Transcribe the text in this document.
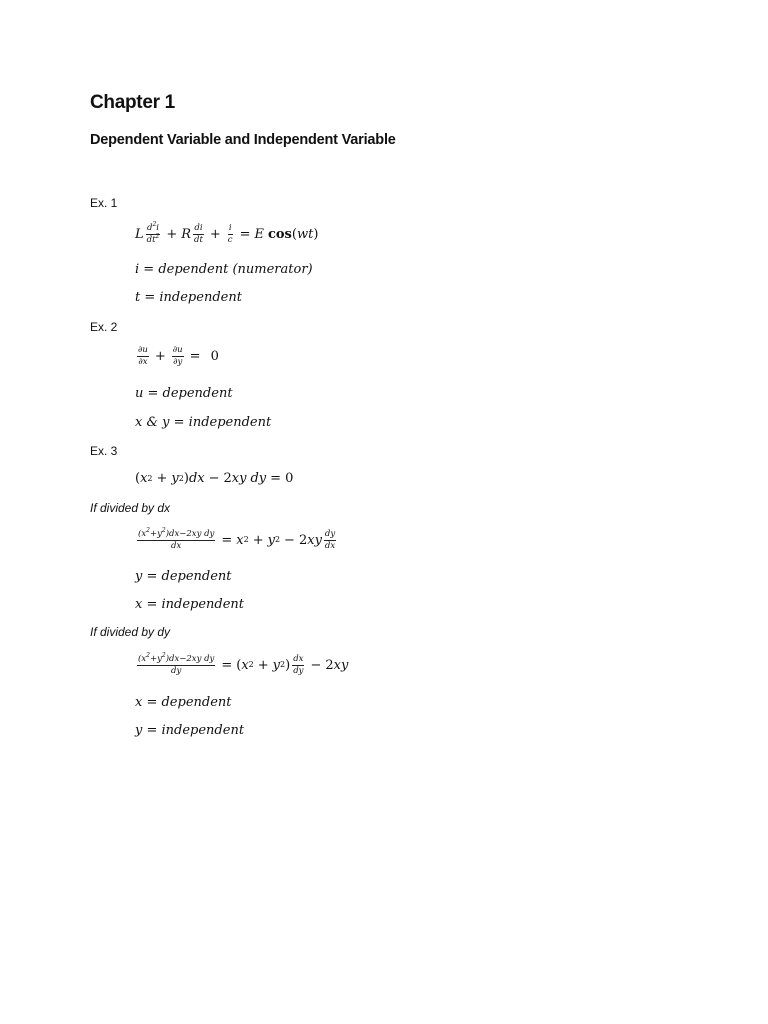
Chapter 1
Dependent Variable and Independent Variable
Ex. 1
L $\frac{d^2i}{dt^2} + R \frac{di}{dt} + \frac{i}{c} = E$ cos ( wt )
i = dependent (numerator)
t = independent
Ex. 2
$\frac{\partial u}{\partial x} + \frac{\partial u}{\partial y} = 0$
u = dependent
x & y = independent
Ex. 3
( x 2 + y 2 ) dx − 2 xy dy = 0
If divided by dx
$\frac{(x^2+y^2)dx-2xy dy}{dx} = x$ 2 + y 2 − 2 xy $\frac{dy}{dx}$
y = dependent
x = independent
If divided by dy
$\frac{(x^2+y^2)dx-2xy dy}{dy}$ = ( x 2 + y 2 ) $\frac{dx}{dy} - 2$ xy
x = dependent
y = independent
